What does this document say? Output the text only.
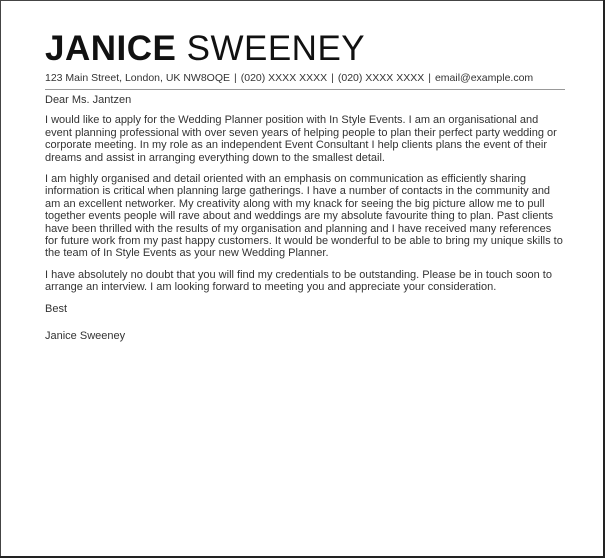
JANICE SWEENEY
123 Main Street, London, UK NW8OQE | (020) XXXX XXXX | (020) XXXX XXXX | email@example.com

Dear Ms. Jantzen

I would like to apply for the Wedding Planner position with In Style Events. I am an organisational and event planning professional with over seven years of helping people to plan their perfect party wedding or corporate meeting. In my role as an independent Event Consultant I help clients plans the event of their dreams and assist in arranging everything down to the smallest detail.

I am highly organised and detail oriented with an emphasis on communication as efficiently sharing information is critical when planning large gatherings. I have a number of contacts in the community and am an excellent networker. My creativity along with my knack for seeing the big picture allow me to pull together events people will rave about and weddings are my absolute favourite thing to plan. Past clients have been thrilled with the results of my organisation and planning and I have received many references for future work from my past happy customers. It would be wonderful to be able to bring my unique skills to the team of In Style Events as your new Wedding Planner.

I have absolutely no doubt that you will find my credentials to be outstanding. Please be in touch soon to arrange an interview. I am looking forward to meeting you and appreciate your consideration.

Best

Janice Sweeney
